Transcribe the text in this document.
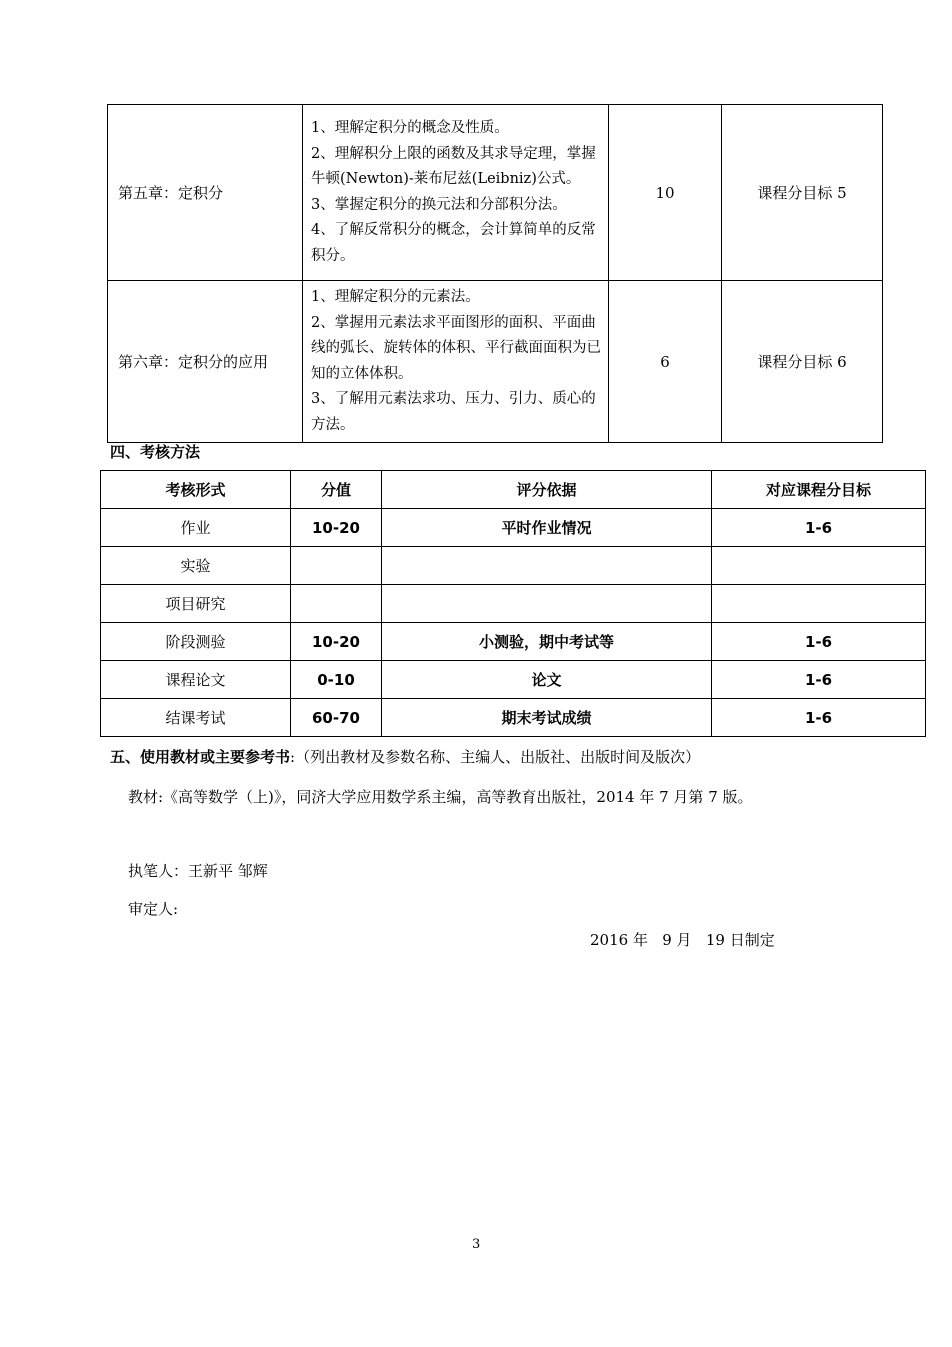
第五章：定积分	1、理解定积分的概念及性质。
2、理解积分上限的函数及其求导定理，掌握牛顿(Newton)-莱布尼兹(Leibniz)公式。
3、掌握定积分的换元法和分部积分法。
4、了解反常积分的概念，会计算简单的反常积分。	10	课程分目标 5
第六章：定积分的应用	1、理解定积分的元素法。
2、掌握用元素法求平面图形的面积、平面曲线的弧长、旋转体的体积、平行截面面积为已知的立体体积。
3、了解用元素法求功、压力、引力、质心的方法。	6	课程分目标 6
四、考核方法
考核形式	分值	评分依据	对应课程分目标
作业	10-20	平时作业情况	1-6
实验			
项目研究			
阶段测验	10-20	小测验，期中考试等	1-6
课程论文	0-10	论文	1-6
结课考试	60-70	期末考试成绩	1-6
五、使用教材或主要参考书:（列出教材及参数名称、主编人、出版社、出版时间及版次）
教材:《高等数学（上)》，同济大学应用数学系主编，高等教育出版社，2014 年 7 月第 7 版。
执笔人：王新平 邹辉
审定人:
2016 年   9 月   19 日制定
3
